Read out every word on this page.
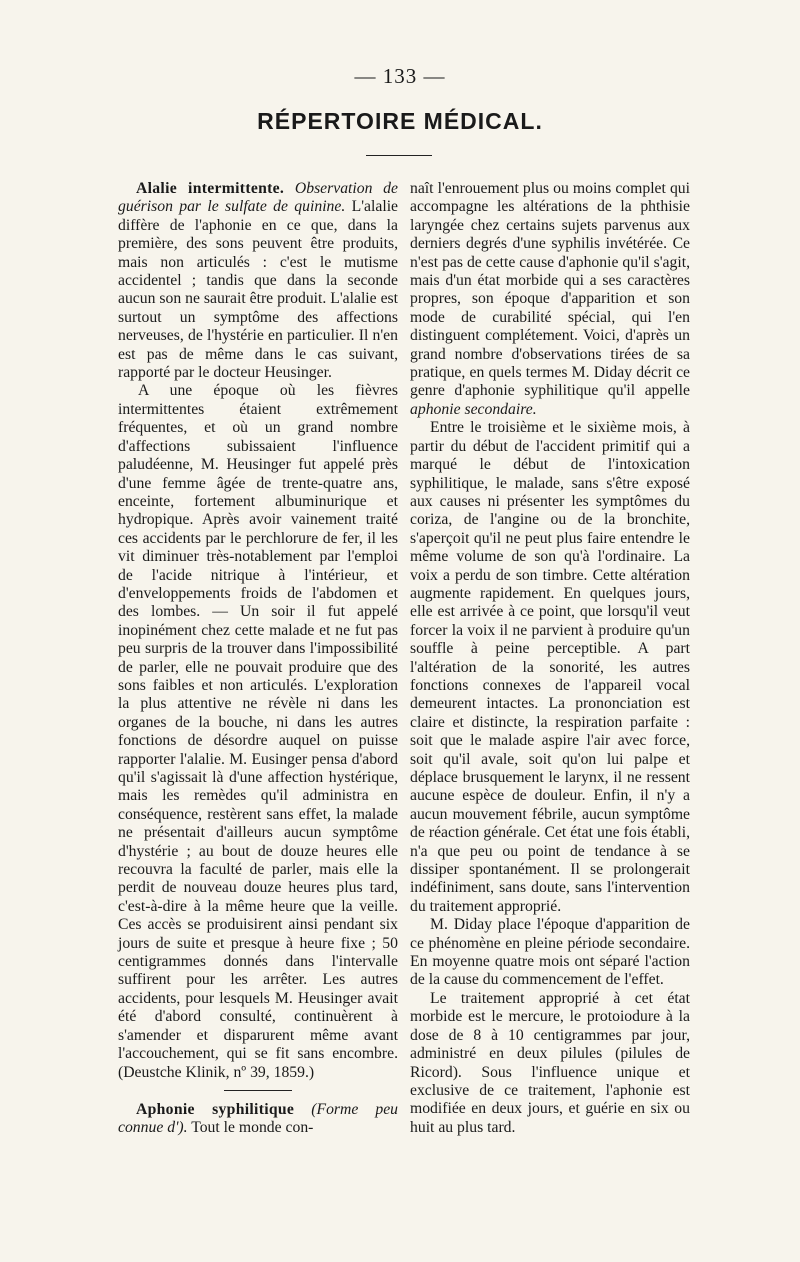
— 133 —
RÉPERTOIRE MÉDICAL.

Alalie intermittente. Observation de guérison par le sulfate de quinine. L'alalie diffère de l'aphonie en ce que, dans la première, des sons peuvent être produits, mais non articulés : c'est le mutisme accidentel ; tandis que dans la seconde aucun son ne saurait être produit. L'alalie est surtout un symptôme des affections nerveuses, de l'hystérie en particulier. Il n'en est pas de même dans le cas suivant, rapporté par le docteur Heusinger.

A une époque où les fièvres intermittentes étaient extrêmement fréquentes, et où un grand nombre d'affections subissaient l'influence paludéenne, M. Heusinger fut appelé près d'une femme âgée de trente-quatre ans, enceinte, fortement albuminurique et hydropique. Après avoir vainement traité ces accidents par le perchlorure de fer, il les vit diminuer très-notablement par l'emploi de l'acide nitrique à l'intérieur, et d'enveloppements froids de l'abdomen et des lombes. — Un soir il fut appelé inopinément chez cette malade et ne fut pas peu surpris de la trouver dans l'impossibilité de parler, elle ne pouvait produire que des sons faibles et non articulés. L'exploration la plus attentive ne révèle ni dans les organes de la bouche, ni dans les autres fonctions de désordre auquel on puisse rapporter l'alalie. M. Eusinger pensa d'abord qu'il s'agissait là d'une affection hystérique, mais les remèdes qu'il administra en conséquence, restèrent sans effet, la malade ne présentait d'ailleurs aucun symptôme d'hystérie ; au bout de douze heures elle recouvra la faculté de parler, mais elle la perdit de nouveau douze heures plus tard, c'est-à-dire à la même heure que la veille. Ces accès se produisirent ainsi pendant six jours de suite et presque à heure fixe ; 50 centigrammes donnés dans l'intervalle suffirent pour les arrêter. Les autres accidents, pour lesquels M. Heusinger avait été d'abord consulté, continuèrent à s'amender et disparurent même avant l'accouchement, qui se fit sans encombre. (Deustche Klinik, nº 39, 1859.)

Aphonie syphilitique (Forme peu connue d'). Tout le monde con-

naît l'enrouement plus ou moins complet qui accompagne les altérations de la phthisie laryngée chez certains sujets parvenus aux derniers degrés d'une syphilis invétérée. Ce n'est pas de cette cause d'aphonie qu'il s'agit, mais d'un état morbide qui a ses caractères propres, son époque d'apparition et son mode de curabilité spécial, qui l'en distinguent complétement. Voici, d'après un grand nombre d'observations tirées de sa pratique, en quels termes M. Diday décrit ce genre d'aphonie syphilitique qu'il appelle aphonie secondaire.

Entre le troisième et le sixième mois, à partir du début de l'accident primitif qui a marqué le début de l'intoxication syphilitique, le malade, sans s'être exposé aux causes ni présenter les symptômes du coriza, de l'angine ou de la bronchite, s'aperçoit qu'il ne peut plus faire entendre le même volume de son qu'à l'ordinaire. La voix a perdu de son timbre. Cette altération augmente rapidement. En quelques jours, elle est arrivée à ce point, que lorsqu'il veut forcer la voix il ne parvient à produire qu'un souffle à peine perceptible. A part l'altération de la sonorité, les autres fonctions connexes de l'appareil vocal demeurent intactes. La prononciation est claire et distincte, la respiration parfaite : soit que le malade aspire l'air avec force, soit qu'il avale, soit qu'on lui palpe et déplace brusquement le larynx, il ne ressent aucune espèce de douleur. Enfin, il n'y a aucun mouvement fébrile, aucun symptôme de réaction générale. Cet état une fois établi, n'a que peu ou point de tendance à se dissiper spontanément. Il se prolongerait indéfiniment, sans doute, sans l'intervention du traitement approprié.

M. Diday place l'époque d'apparition de ce phénomène en pleine période secondaire. En moyenne quatre mois ont séparé l'action de la cause du commencement de l'effet.

Le traitement approprié à cet état morbide est le mercure, le protoiodure à la dose de 8 à 10 centigrammes par jour, administré en deux pilules (pilules de Ricord). Sous l'influence unique et exclusive de ce traitement, l'aphonie est modifiée en deux jours, et guérie en six ou huit au plus tard.
